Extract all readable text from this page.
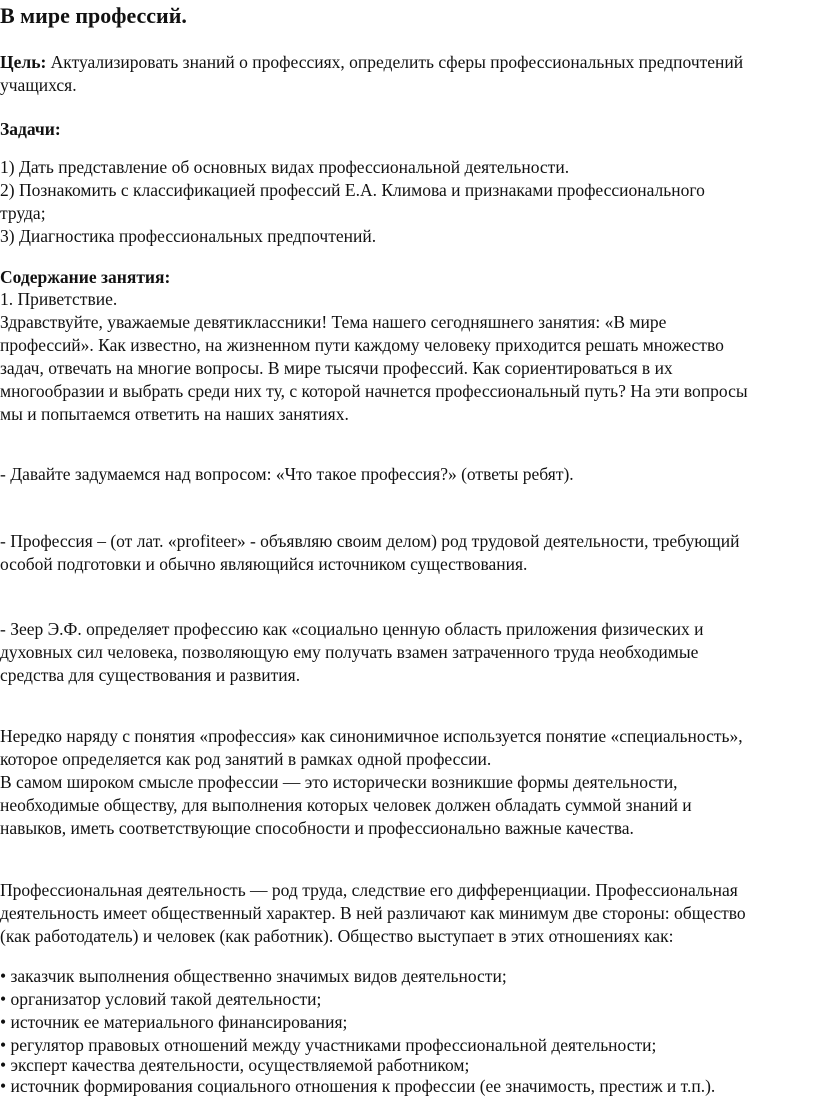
В мире профессий.

Цель: Актуализировать знаний о профессиях, определить сферы профессиональных предпочтений

учащихся.

Задачи:

1) Дать представление об основных видах профессиональной деятельности.

2) Познакомить с классификацией профессий Е.А. Климова и признаками профессионального

труда;

3) Диагностика профессиональных предпочтений.

Содержание занятия:

1. Приветствие.

Здравствуйте, уважаемые девятиклассники! Тема нашего сегодняшнего занятия: «В мире

профессий». Как известно, на жизненном пути каждому человеку приходится решать множество

задач, отвечать на многие вопросы. В мире тысячи профессий. Как сориентироваться в их

многообразии и выбрать среди них ту, с которой начнется профессиональный путь? На эти вопросы

мы и попытаемся ответить на наших занятиях.

- Давайте задумаемся над вопросом: «Что такое профессия?» (ответы ребят).

- Профессия – (от лат. «profiteer» - объявляю своим делом) род трудовой деятельности, требующий

особой подготовки и обычно являющийся источником существования.

- Зеер Э.Ф. определяет профессию как «социально ценную область приложения физических и

духовных сил человека, позволяющую ему получать взамен затраченного труда необходимые

средства для существования и развития.

Нередко наряду с понятия «профессия» как синонимичное используется понятие «специальность»,

которое определяется как род занятий в рамках одной профессии.

В самом широком смысле профессии — это исторически возникшие формы деятельности,

необходимые обществу, для выполнения которых человек должен обладать суммой знаний и

навыков, иметь соответствующие способности и профессионально важные качества.

Профессиональная деятельность — род труда, следствие его дифференциации. Профессиональная

деятельность имеет общественный характер. В ней различают как минимум две стороны: общество

(как работодатель) и человек (как работник). Общество выступает в этих отношениях как:

• заказчик выполнения общественно значимых видов деятельности;

• организатор условий такой деятельности;

• источник ее материального финансирования;

• регулятор правовых отношений между участниками профессиональной деятельности;

• эксперт качества деятельности, осуществляемой работником;

• источник формирования социального отношения к профессии (ее значимость, престиж и т.п.).
